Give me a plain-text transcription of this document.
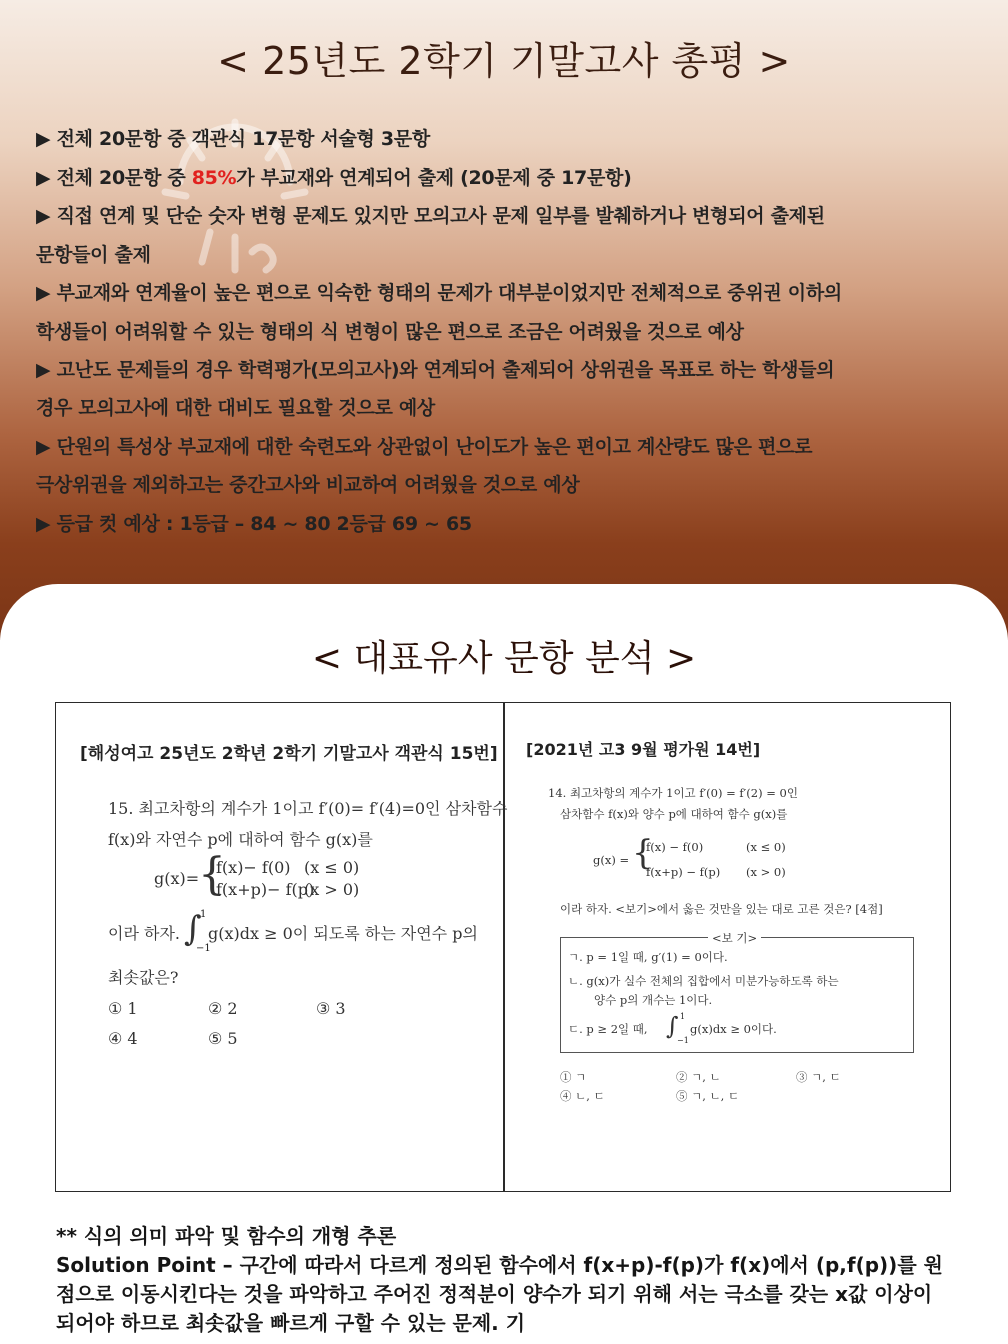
< 25년도 2학기 기말고사 총평 >
▶ 전체 20문항 중 객관식 17문항 서술형 3문항
▶ 전체 20문항 중 85%가 부교재와 연계되어 출제 (20문제 중 17문항)
▶ 직접 연계 및 단순 숫자 변형 문제도 있지만 모의고사 문제 일부를 발췌하거나 변형되어 출제된
문항들이 출제
▶ 부교재와 연계율이 높은 편으로 익숙한 형태의 문제가 대부분이었지만 전체적으로 중위권 이하의
학생들이 어려워할 수 있는 형태의 식 변형이 많은 편으로 조금은 어려웠을 것으로 예상
▶ 고난도 문제들의 경우 학력평가(모의고사)와 연계되어 출제되어 상위권을 목표로 하는 학생들의
경우 모의고사에 대한 대비도 필요할 것으로 예상
▶ 단원의 특성상 부교재에 대한 숙련도와 상관없이 난이도가 높은 편이고 계산량도 많은 편으로
극상위권을 제외하고는 중간고사와 비교하여 어려웠을 것으로 예상
▶ 등급 컷 예상 : 1등급 – 84 ~ 80 2등급 69 ~ 65
< 대표유사 문항 분석 >
[해성여고 25년도 2학년 2학기 기말고사 객관식 15번]
15. 최고차항의 계수가 1이고 f′(0)= f′(4)=0인 삼차함수
f(x)와 자연수 p에 대하여 함수 g(x)를
g(x)=
{
f(x)− f(0) (x ≤ 0)
f(x+p)− f(p)
(x > 0)
이라 하자. ∫
1
−1
g(x)dx ≥ 0이 되도록 하는 자연수 p의
최솟값은?
① 1	② 2	③ 3
④ 4	⑤ 5
[2021년 고3 9월 평가원 14번]
14. 최고차항의 계수가 1이고 f′(0) = f′(2) = 0인
삼차함수 f(x)와 양수 p에 대하여 함수 g(x)를
g(x) = {
f(x) − f(0)	(x ≤ 0)
f(x+p) − f(p) (x > 0)
이라 하자. <보기>에서 옳은 것만을 있는 대로 고른 것은? [4점]
<보 기>
ㄱ. p = 1일 때, g′(1) = 0이다.
ㄴ. g(x)가 실수 전체의 집합에서 미분가능하도록 하는
양수 p의 개수는 1이다.
ㄷ. p ≥ 2일 때, ∫ 1
−1
g(x)dx ≥ 0이다.
① ㄱ	② ㄱ, ㄴ	③ ㄱ, ㄷ
④ ㄴ, ㄷ	⑤ ㄱ, ㄴ, ㄷ
** 식의 의미 파악 및 함수의 개형 추론
Solution Point – 구간에 따라서 다르게 정의된 함수에서 f(x+p)-f(p)가 f(x)에서 (p,f(p))를 원점으로 이동시킨다는 것을 파악하고 주어진 정적분이 양수가 되기 위해 서는 극소를 갖는 x값 이상이 되어야 하므로 최솟값을 빠르게 구할 수 있는 문제. 기
